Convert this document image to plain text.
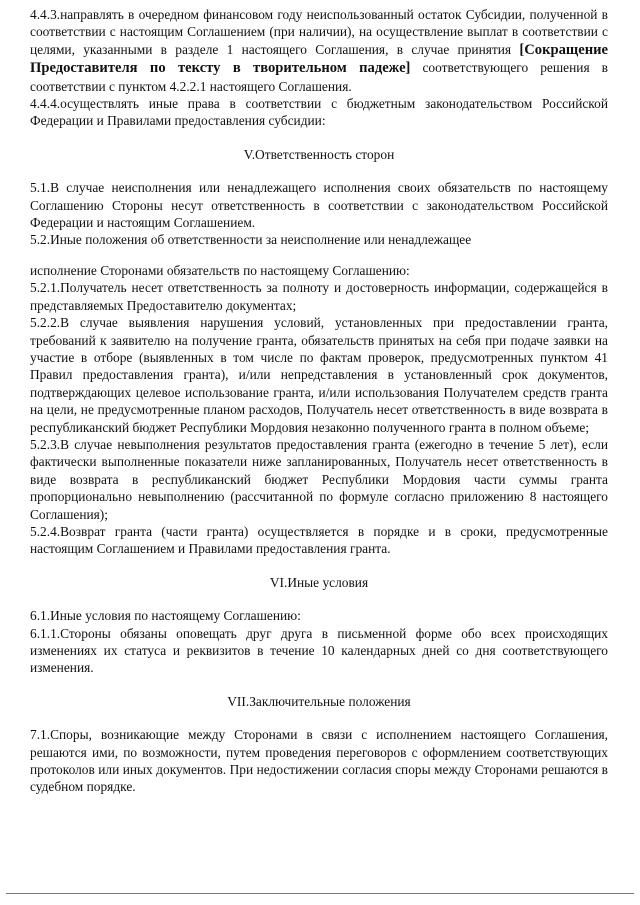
4.4.3.направлять в очередном финансовом году неиспользованный остаток Субсидии, полученной в соответствии с настоящим Соглашением (при наличии), на осуществление выплат в соответствии с целями, указанными в разделе 1 настоящего Соглашения, в случае принятия [Сокращение Предоставителя по тексту в творительном падеже] соответствующего решения в соответствии с пунктом 4.2.2.1 настоящего Соглашения.

4.4.4.осуществлять иные права в соответствии с бюджетным законодательством Российской Федерации и Правилами предоставления субсидии:

V.Ответственность сторон

5.1.В случае неисполнения или ненадлежащего исполнения своих обязательств по настоящему Соглашению Стороны несут ответственность в соответствии с законодательством Российской Федерации и настоящим Соглашением.

5.2.Иные положения об ответственности за неисполнение или ненадлежащее

исполнение Сторонами обязательств по настоящему Соглашению:

5.2.1.Получатель несет ответственность за полноту и достоверность информации, содержащейся в представляемых Предоставителю документах;

5.2.2.В случае выявления нарушения условий, установленных при предоставлении гранта, требований к заявителю на получение гранта, обязательств принятых на себя при подаче заявки на участие в отборе (выявленных в том числе по фактам проверок, предусмотренных пунктом 41 Правил предоставления гранта), и/или непредставления в установленный срок документов, подтверждающих целевое использование гранта, и/или использования Получателем средств гранта на цели, не предусмотренные планом расходов, Получатель несет ответственность в виде возврата в республиканский бюджет Республики Мордовия незаконно полученного гранта в полном объеме;

5.2.3.В случае невыполнения результатов предоставления гранта (ежегодно в течение 5 лет), если фактически выполненные показатели ниже запланированных, Получатель несет ответственность в виде возврата в республиканский бюджет Республики Мордовия части суммы гранта пропорционально невыполнению (рассчитанной по формуле согласно приложению 8 настоящего Соглашения);

5.2.4.Возврат гранта (части гранта) осуществляется в порядке и в сроки, предусмотренные настоящим Соглашением и Правилами предоставления гранта.

VI.Иные условия

6.1.Иные условия по настоящему Соглашению:

6.1.1.Стороны обязаны оповещать друг друга в письменной форме обо всех происходящих изменениях их статуса и реквизитов в течение 10 календарных дней со дня соответствующего изменения.

VII.Заключительные положения

7.1.Споры, возникающие между Сторонами в связи с исполнением настоящего Соглашения, решаются ими, по возможности, путем проведения переговоров с оформлением соответствующих протоколов или иных документов. При недостижении согласия споры между Сторонами решаются в судебном порядке.
